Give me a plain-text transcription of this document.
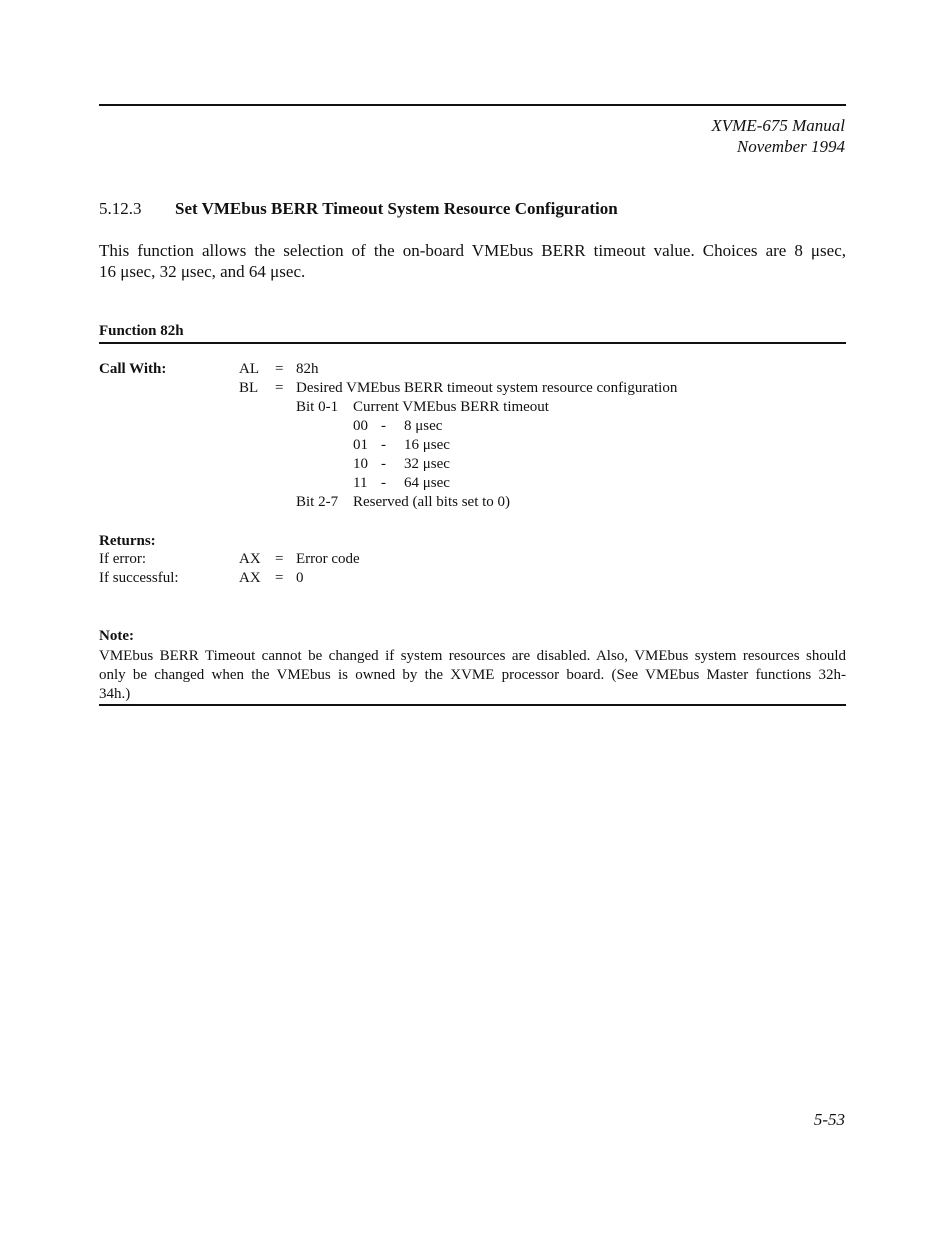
XVME-675 Manual
November 1994
5.12.3 Set VMEbus BERR Timeout System Resource Configuration
This function allows the selection of the on-board VMEbus BERR timeout value. Choices are 8 μsec,
16 μsec, 32 μsec, and 64 μsec.
Function 82h
Call With:	AL = 82h
BL = Desired VMEbus BERR timeout system resource configuration
Bit 0-1 Current VMEbus BERR timeout
00 - 8 μsec
01 - 16 μsec
10 - 32 μsec
11 - 64 μsec
Bit 2-7 Reserved (all bits set to 0)
Returns:
If error:	AX = Error code
If successful:	AX = 0
Note:
VMEbus BERR Timeout cannot be changed if system resources are disabled. Also, VMEbus system resources should
only be changed when the VMEbus is owned by the XVME processor board. (See VMEbus Master functions 32h-
34h.)
5-53
